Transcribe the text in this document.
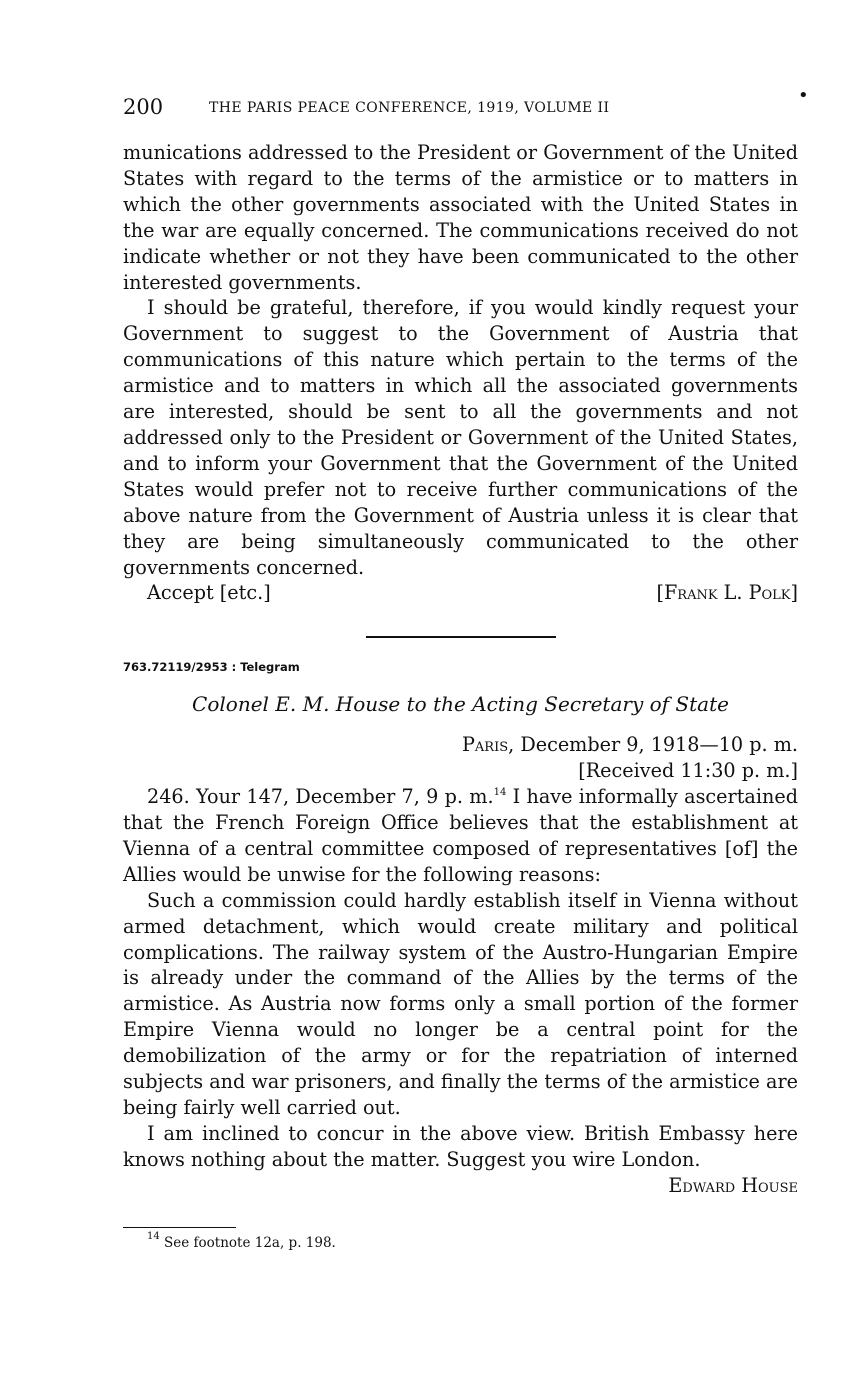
200	THE PARIS PEACE CONFERENCE, 1919, VOLUME II
•

munications addressed to the President or Government of the United States with regard to the terms of the armistice or to matters in which the other governments associated with the United States in the war are equally concerned. The communications received do not indicate whether or not they have been communicated to the other interested governments.

I should be grateful, therefore, if you would kindly request your Government to suggest to the Government of Austria that communications of this nature which pertain to the terms of the armistice and to matters in which all the associated governments are interested, should be sent to all the governments and not addressed only to the President or Government of the United States, and to inform your Government that the Government of the United States would prefer not to receive further communications of the above nature from the Government of Austria unless it is clear that they are being simultaneously communicated to the other governments concerned.

Accept [etc.]	[Frank L. Polk]
763.72119/2953 : Telegram
Colonel E. M. House to the Acting Secretary of State
Paris, December 9, 1918—10 p. m.
[Received 11:30 p. m.]

246. Your 147, December 7, 9 p. m.$^{14}$ I have informally ascertained that the French Foreign Office believes that the establishment at Vienna of a central committee composed of representatives [of] the Allies would be unwise for the following reasons:

Such a commission could hardly establish itself in Vienna without armed detachment, which would create military and political complications. The railway system of the Austro-Hungarian Empire is already under the command of the Allies by the terms of the armistice. As Austria now forms only a small portion of the former Empire Vienna would no longer be a central point for the demobilization of the army or for the repatriation of interned subjects and war prisoners, and finally the terms of the armistice are being fairly well carried out.

I am inclined to concur in the above view. British Embassy here knows nothing about the matter. Suggest you wire London.

Edward House
$^{14}$ See footnote 12a, p. 198.
